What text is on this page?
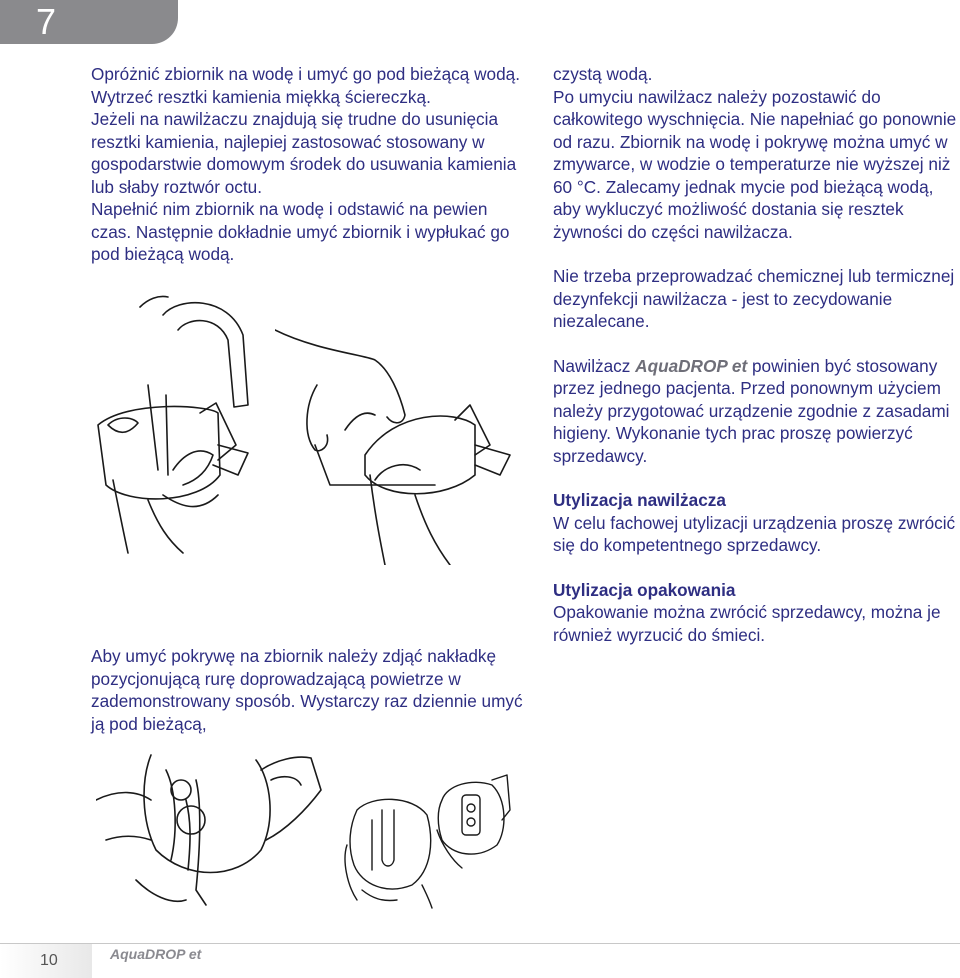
7

Opróżnić zbiornik na wodę i umyć go pod bieżącą wodą. Wytrzeć resztki kamienia miękką ściereczką.

Jeżeli na nawilżaczu znajdują się trudne do usunięcia resztki kamienia, najlepiej zastosować stosowany w gospodarstwie domowym środek do usuwania kamienia lub słaby roztwór octu.

Napełnić nim zbiornik na wodę i odstawić na pewien czas. Następnie dokładnie umyć zbiornik i wypłukać go pod bieżącą wodą.

Aby umyć pokrywę na zbiornik należy zdjąć nakładkę pozycjonującą rurę doprowadzającą powietrze w zademonstrowany sposób. Wystarczy raz dziennie umyć ją pod bieżącą,

czystą wodą.

Po umyciu nawilżacz należy pozostawić do całkowitego wyschnięcia. Nie napełniać go ponownie od razu. Zbiornik na wodę i pokrywę można umyć w zmywarce, w wodzie o temperaturze nie wyższej niż 60 °C. Zalecamy jednak mycie pod bieżącą wodą, aby wykluczyć możliwość dostania się resztek żywności do części nawilżacza.

Nie trzeba przeprowadzać chemicznej lub termicznej dezynfekcji nawilżacza - jest to zecydowanie niezalecane.

Nawilżacz AquaDROP et powinien być stosowany przez jednego pacjenta. Przed ponownym użyciem należy przygotować urządzenie zgodnie z zasadami higieny. Wykonanie tych prac proszę powierzyć sprzedawcy.

Utylizacja nawilżacza

W celu fachowej utylizacji urządzenia proszę zwrócić się do kompetentnego sprzedawcy.

Utylizacja opakowania

Opakowanie można zwrócić sprzedawcy, można je również wyrzucić do śmieci.

10	AquaDROP et
